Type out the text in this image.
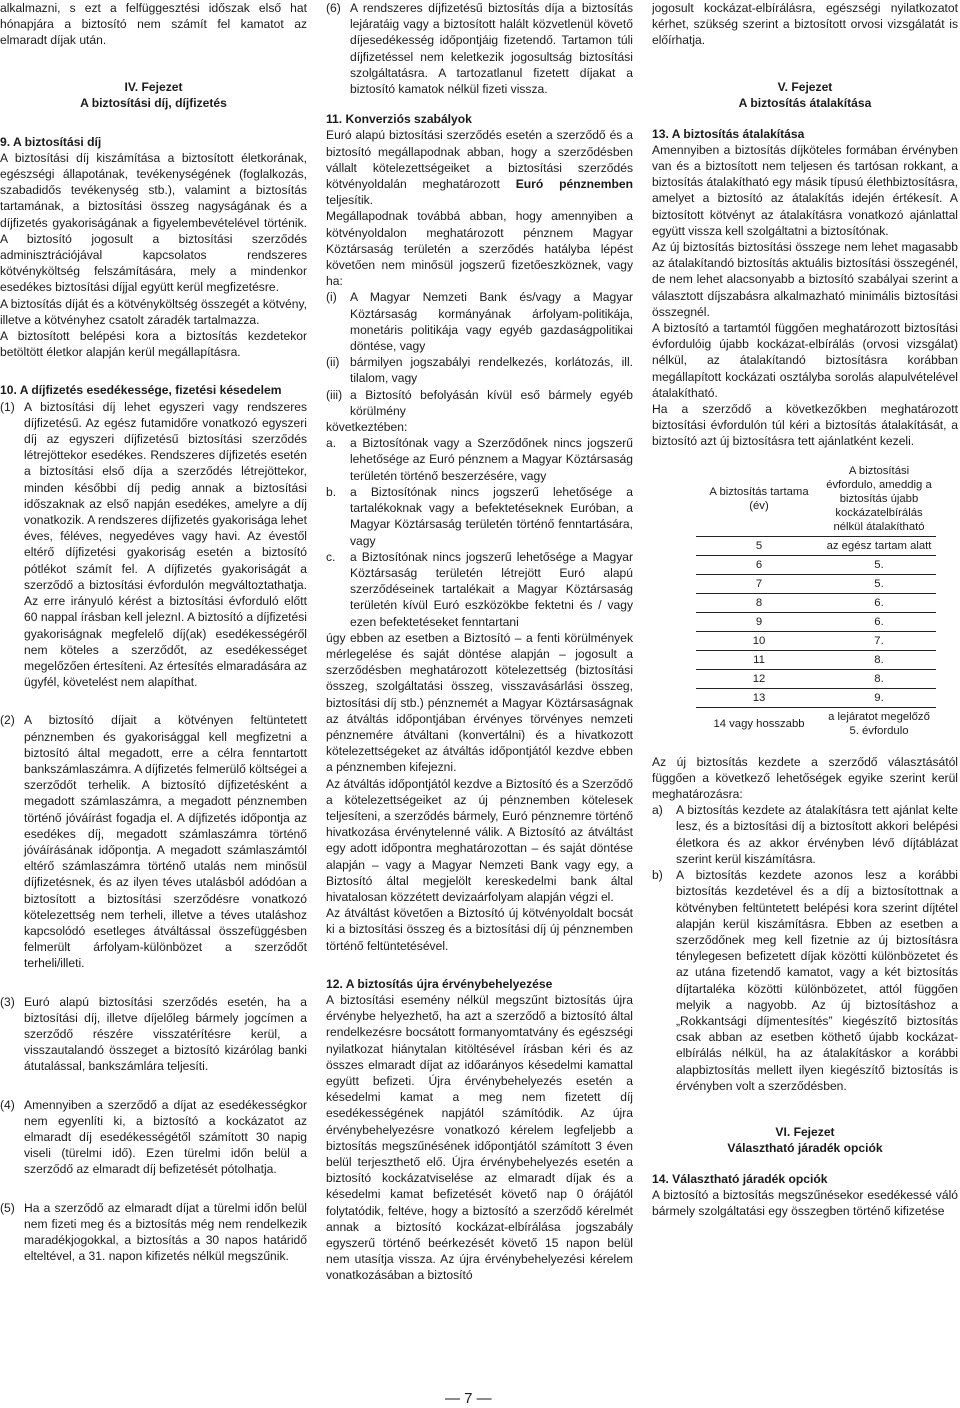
alkalmazni, s ezt a felfüggesztési időszak első hat hónapjára a biztosító nem számít fel kamatot az elmaradt díjak után.

IV. Fejezet
A biztosítási díj, díjfizetés
9. A biztosítási díj

A biztosítási díj kiszámítása a biztosított életkorának, egészségi állapotának, tevékenységének (foglalkozás, szabadidős tevékenység stb.), valamint a biztosítás tartamának, a biztosítási összeg nagyságának és a díjfizetés gyakoriságának a figyelembevételével történik. A biztosító jogosult a biztosítási szerződés adminisztrációjával kapcsolatos rendszeres kötvényköltség felszámítására, mely a mindenkor esedékes biztosítási díjjal együtt kerül megfizetésre.

A biztosítás díját és a kötvényköltség összegét a kötvény, illetve a kötvényhez csatolt záradék tartalmazza.

A biztosított belépési kora a biztosítás kezdetekor betöltött életkor alapján kerül megállapításra.

10. A díjfizetés esedékessége, fizetési késedelem
(1) A biztosítási díj lehet egyszeri vagy rendszeres díjfizetésű. Az egész futamidőre vonatkozó egyszeri díj az egyszeri díjfizetésű biztosítási szerződés létrejöttekor esedékes. Rendszeres díjfizetés esetén a biztosítási első díja a szerződés létrejöttekor, minden későbbi díj pedig annak a biztosítási időszaknak az első napján esedékes, amelyre a díj vonatkozik. A rendszeres díjfizetés gyakorisága lehet éves, féléves, negyedéves vagy havi. Az évestől eltérő díjfizetési gyakoriság esetén a biztosító pótlékot számít fel. A díjfizetés gyakoriságát a szerződő a biztosítási évfordulón megváltoztathatja. Az erre irányuló kérést a biztosítási évforduló előtt 60 nappal írásban kell jeleznI. A biztosító a díjfizetési gyakoriságnak megfelelő díj(ak) esedékességéről nem köteles a szerződőt, az esedékességet megelőzően értesíteni. Az értesítés elmaradására az ügyfél, követelést nem alapíthat.
(2) A biztosító díjait a kötvényen feltüntetett pénznemben és gyakorisággal kell megfizetni a biztosító által megadott, erre a célra fenntartott bankszámlaszámra. A díjfizetés felmerülő költségei a szerződőt terhelik. A biztosító díjfizetésként a megadott számlaszámra, a megadott pénznemben történő jóváírást fogadja el. A díjfizetés időpontja az esedékes díj, megadott számlaszámra történő jóváírásának időpontja. A megadott számlaszámtól eltérő számlaszámra történő utalás nem minősül díjfizetésnek, és az ilyen téves utalásból adódóan a biztosított a biztosítási szerződésre vonatkozó kötelezettség nem terheli, illetve a téves utaláshoz kapcsolódó esetleges átváltással összefüggésben felmerült árfolyam-különbözet a szerződőt terheli/illeti.
(3) Euró alapú biztosítási szerződés esetén, ha a biztosítási díj, illetve díjelőleg bármely jogcímen a szerződő részére visszatérítésre kerül, a visszautalandó összeget a biztosító kizárólag banki átutalással, bankszámlára teljesíti.
(4) Amennyiben a szerződő a díjat az esedékességkor nem egyenlíti ki, a biztosító a kockázatot az elmaradt díj esedékességétől számított 30 napig viseli (türelmi idő). Ezen türelmi időn belül a szerződő az elmaradt díj befizetését pótolhatja.
(5) Ha a szerződő az elmaradt díjat a türelmi időn belül nem fizeti meg és a biztosítás még nem rendelkezik maradékjogokkal, a biztosítás a 30 napos határidő elteltével, a 31. napon kifizetés nélkül megszűnik.
(6) A rendszeres díjfizetésű biztosítás díja a biztosítás lejáratáig vagy a biztosított halált közvetlenül követő díjesedékesség időpontjáig fizetendő. Tartamon túli díjfizetéssel nem keletkezik jogosultság biztosítási szolgáltatásra. A tartozatlanul fizetett díjakat a biztosító kamatok nélkül fizeti vissza.
11. Konverziós szabályok

Euró alapú biztosítási szerződés esetén a szerződő és a biztosító megállapodnak abban, hogy a szerződésben vállalt kötelezettségeiket a biztosítási szerződés kötvényoldalán meghatározott Euró pénznemben teljesítik.

Megállapodnak továbbá abban, hogy amennyiben a kötvényoldalon meghatározott pénznem Magyar Köztársaság területén a szerződés hatályba lépést követően nem minősül jogszerű fizetőeszköznek, vagy ha:

(i)	A Magyar Nemzeti Bank és/vagy a Magyar Köztársaság kormányának árfolyam-politikája, monetáris politikája vagy egyéb gazdaságpolitikai döntése, vagy
(ii) bármilyen jogszabályi rendelkezés, korlátozás, ill. tilalom, vagy
(iii) a Biztosító befolyásán kívül eső bármely egyéb körülmény

következtében:

a.	a Biztosítónak vagy a Szerződőnek nincs jogszerű lehetősége az Euró pénznem a Magyar Köztársaság területén történő beszerzésére, vagy
b.	a Biztosítónak nincs jogszerű lehetősége a tartalékoknak vagy a befektetéseknek Euróban, a Magyar Köztársaság területén történő fenntartására, vagy
c.	a Biztosítónak nincs jogszerű lehetősége a Magyar Köztársaság területén létrejött Euró alapú szerződéseinek tartalékait a Magyar Köztársaság területén kívül Euró eszközökbe fektetni és / vagy ezen befektetéseket fenntartani

úgy ebben az esetben a Biztosító – a fenti körülmények mérlegelése és saját döntése alapján – jogosult a szerződésben meghatározott kötelezettség (biztosítási összeg, szolgáltatási összeg, visszavásárlási összeg, biztosítási díj stb.) pénznemét a Magyar Köztársaságnak az átváltás időpontjában érvényes törvényes nemzeti pénznemére átváltani (konvertálni) és a hivatkozott kötelezettségeket az átváltás időpontjától kezdve ebben a pénznemben kifejezni.

Az átváltás időpontjától kezdve a Biztosító és a Szerződő a kötelezettségeiket az új pénznemben kötelesek teljesíteni, a szerződés bármely, Euró pénznemre történő hivatkozása érvénytelenné válik. A Biztosító az átváltást egy adott időpontra meghatározottan – és saját döntése alapján – vagy a Magyar Nemzeti Bank vagy egy, a Biztosító által megjelölt kereskedelmi bank által hivatalosan közzétett devizaárfolyam alapján végzi el.

Az átváltást követően a Biztosító új kötvényoldalt bocsát ki a biztosítási összeg és a biztosítási díj új pénznemben történő feltüntetésével.

12. A biztosítás újra érvénybehelyezése

A biztosítási esemény nélkül megszűnt biztosítás újra érvénybe helyezhető, ha azt a szerződő a biztosító által rendelkezésre bocsátott formanyomtatvány és egészségi nyilatkozat hiánytalan kitöltésével írásban kéri és az összes elmaradt díjat az időarányos késedelmi kamattal együtt befizeti. Újra érvénybehelyezés esetén a késedelmi kamat a meg nem fizetett díj esedékességének napjától számítódik. Az újra érvénybehelyezésre vonatkozó kérelem legfeljebb a biztosítás megszűnésének időpontjától számított 3 éven belül terjeszthető elő. Újra érvénybehelyezés esetén a biztosító kockázatviselése az elmaradt díjak és a késedelmi kamat befizetését követő nap 0 órájától folytatódik, feltéve, hogy a biztosító a szerződő kérelmét annak a biztosító kockázat-elbírálása jogszabály egyszerű történő beérkezését követő 15 napon belül nem utasítja vissza. Az újra érvénybehelyezési kérelem vonatkozásában a biztosító

jogosult kockázat-elbírálásra, egészségi nyilatkozatot kérhet, szükség szerint a biztosított orvosi vizsgálatát is előírhatja.

V. Fejezet
A biztosítás átalakítása
13. A biztosítás átalakítása

Amennyiben a biztosítás díjköteles formában érvényben van és a biztosított nem teljesen és tartósan rokkant, a biztosítás átalakítható egy másik típusú élethbiztosításra, amelyet a biztosító az átalakítás idején értékesít. A biztosított kötvényt az átalakításra vonatkozó ajánlattal együtt vissza kell szolgáltatni a biztosítónak.

Az új biztosítás biztosítási összege nem lehet magasabb az átalakítandó biztosítás aktuális biztosítási összegénél, de nem lehet alacsonyabb a biztosító szabályai szerint a választott díjszabásra alkalmazható minimális biztosítási összegnél.

A biztosító a tartamtól függően meghatározott biztosítási évfordulóig újabb kockázat-elbírálás (orvosi vizsgálat) nélkül, az átalakítandó biztosításra korábban megállapított kockázati osztályba sorolás alapulvételével átalakítható.

Ha a szerződő a következőkben meghatározott biztosítási évfordulón túl kéri a biztosítás átalakítását, a biztosító azt új biztosításra tett ajánlatként kezeli.

A biztosítás tartama (év)	A biztosítási évfordulo, ameddig a biztosítás újabb kockázatelbírálás nélkül átalakítható
5	az egész tartam alatt
6	5.
7	5.
8	6.
9	6.
10	7.
11	8.
12	8.
13	9.
14 vagy hosszabb	a lejáratot megelőző 5. évfordulo

Az új biztosítás kezdete a szerződő választásától függően a következő lehetőségek egyike szerint kerül meghatározásra:

a)	A biztosítás kezdete az átalakításra tett ajánlat kelte lesz, és a biztosítási díj a biztosított akkori belépési életkora és az akkor érvényben lévő díjtáblázat szerint kerül kiszámításra.
b)	A biztosítás kezdete azonos lesz a korábbi biztosítás kezdetével és a díj a biztosítottnak a kötvényben feltüntetett belépési kora szerint díjtétel alapján kerül kiszámításra. Ebben az esetben a szerződőnek meg kell fizetnie az új biztosításra ténylegesen befizetett díjak közötti különbözetet és az utána fizetendő kamatot, vagy a két biztosítás díjtartaléka közötti különbözetet, attól függően melyik a nagyobb. Az új biztosításhoz a „Rokkantsági díjmentesítés” kiegészítő biztosítás csak abban az esetben köthető újabb kockázat-elbírálás nélkül, ha az átalakításkor a korábbi alapbiztosítás mellett ilyen kiegészítő biztosítás is érvényben volt a szerződésben.
VI. Fejezet
Választható járadék opciók
14. Választható járadék opciók

A biztosító a biztosítás megszűnésekor esedékessé váló bármely szolgáltatási egy összegben történő kifizetése

— 7 —
